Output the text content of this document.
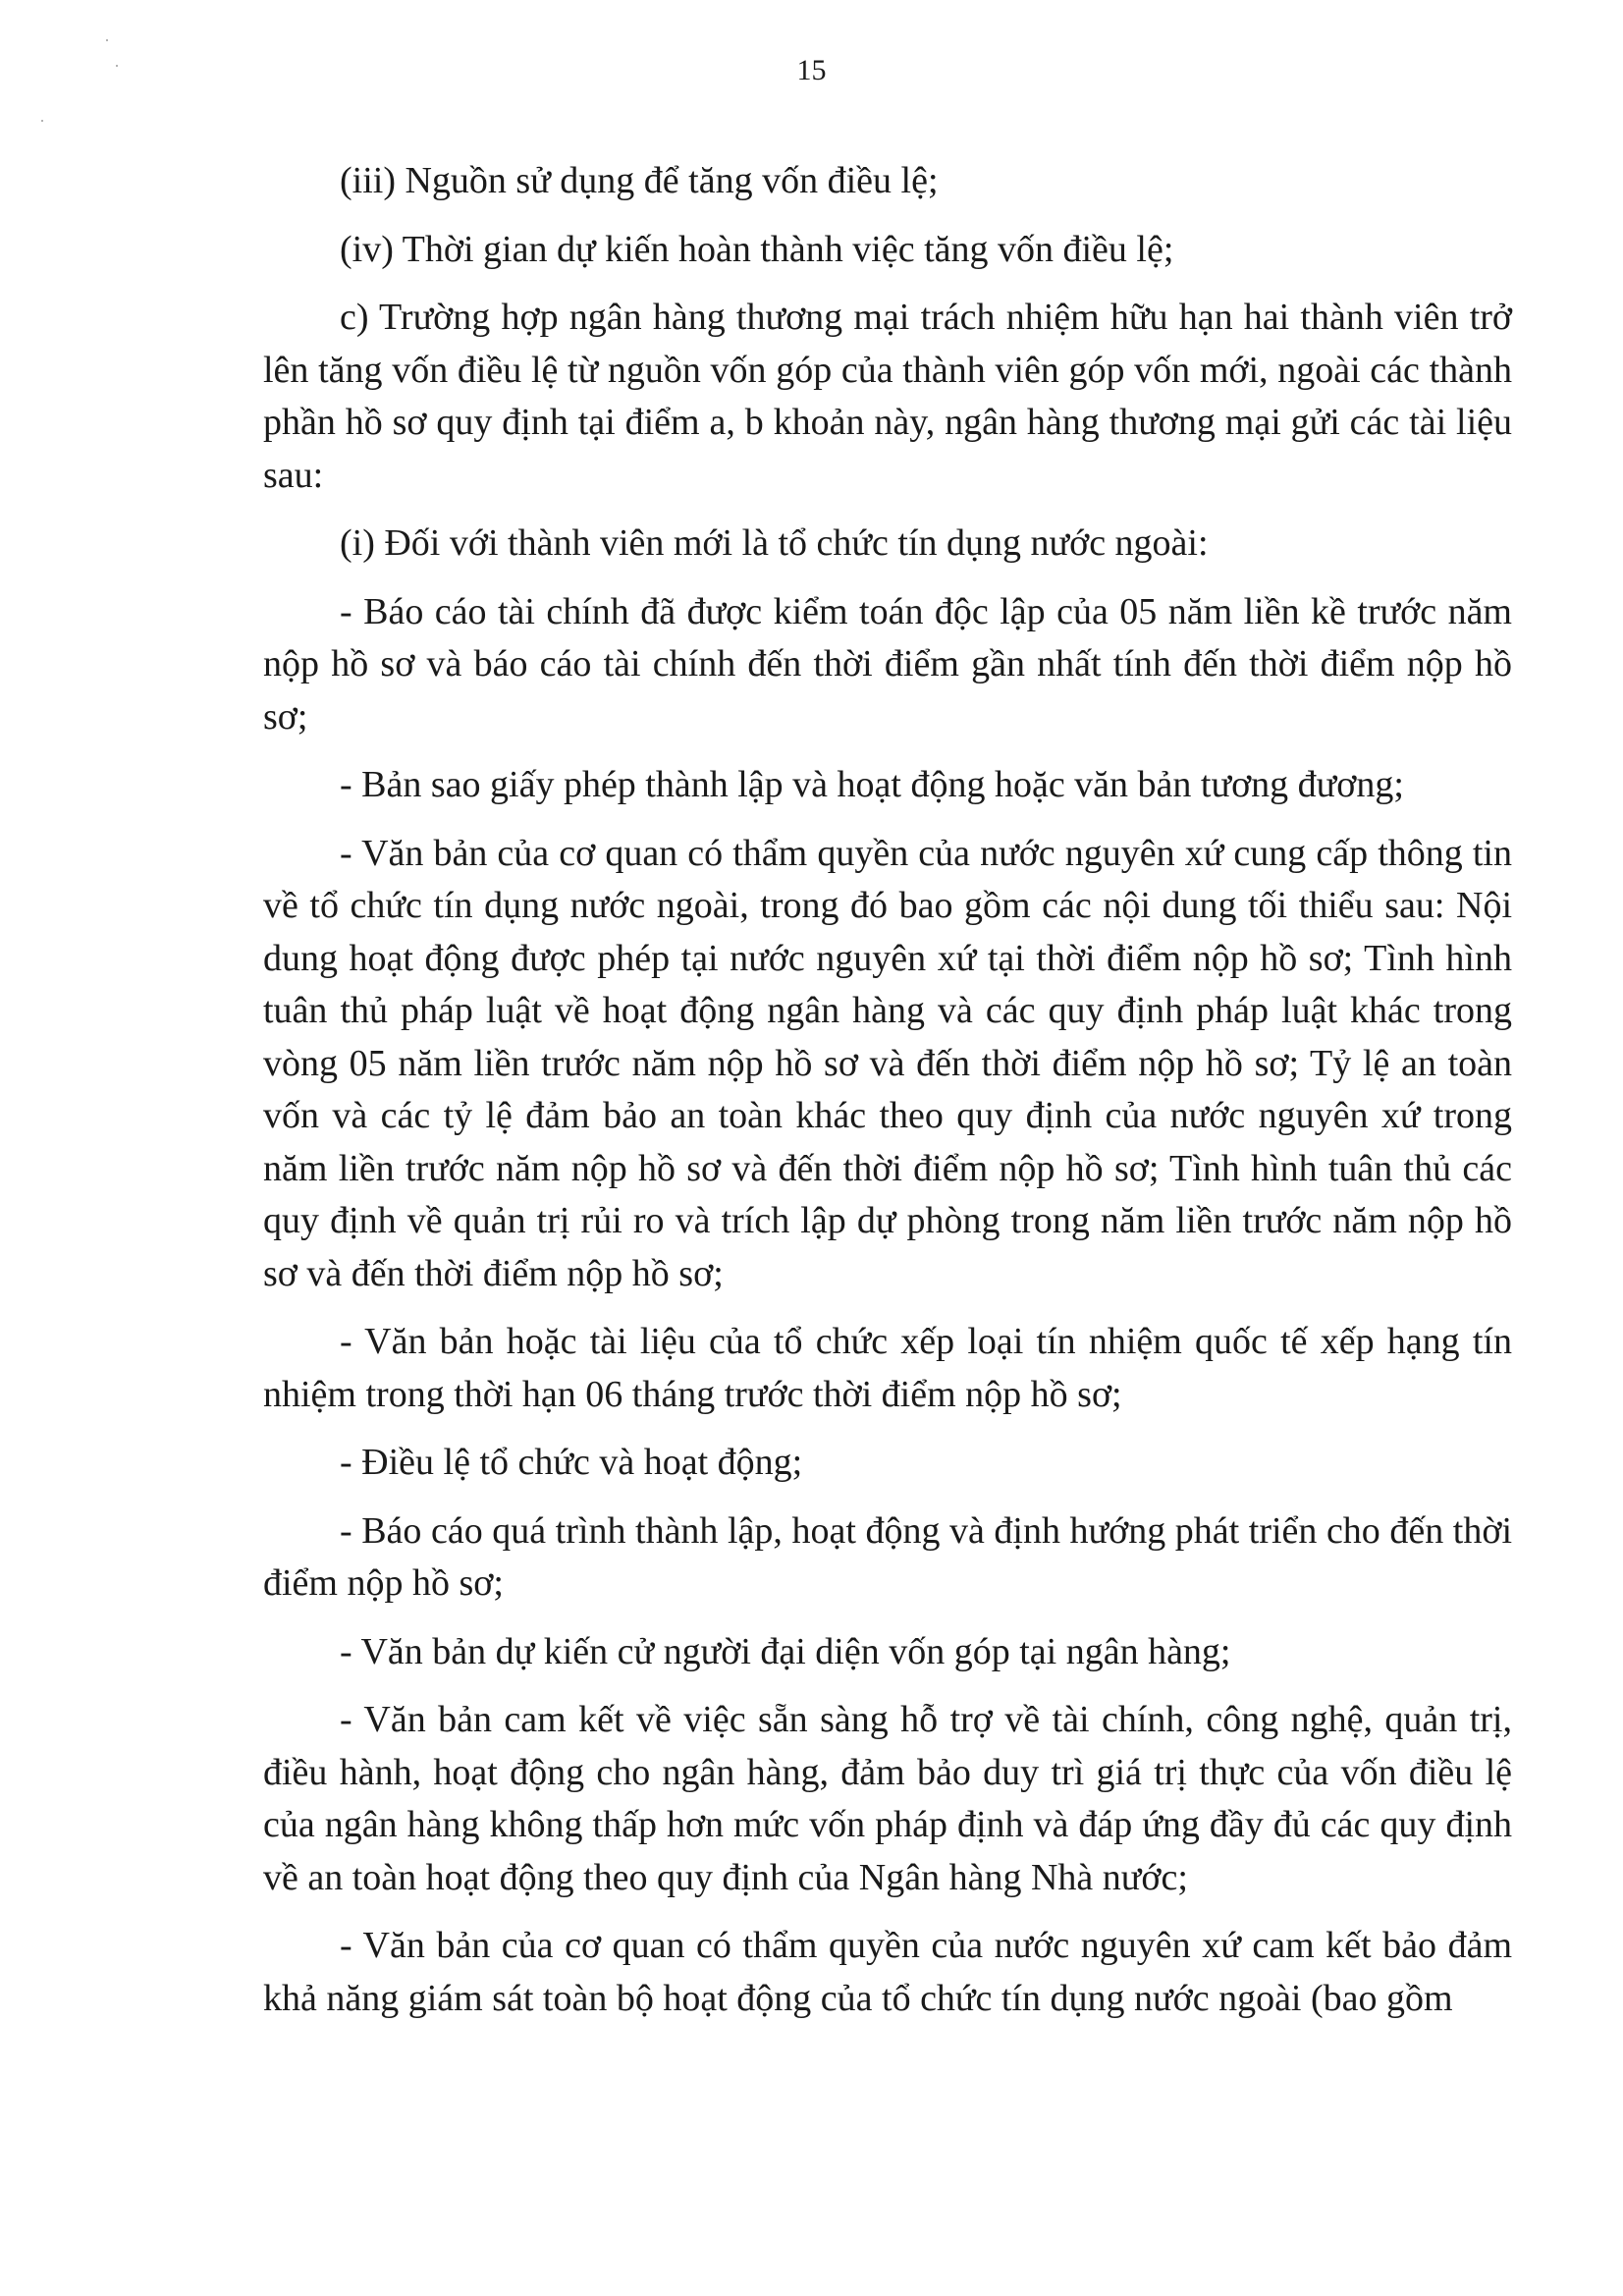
15

(iii) Nguồn sử dụng để tăng vốn điều lệ;

(iv) Thời gian dự kiến hoàn thành việc tăng vốn điều lệ;

c) Trường hợp ngân hàng thương mại trách nhiệm hữu hạn hai thành viên trở lên tăng vốn điều lệ từ nguồn vốn góp của thành viên góp vốn mới, ngoài các thành phần hồ sơ quy định tại điểm a, b khoản này, ngân hàng thương mại gửi các tài liệu sau:

(i) Đối với thành viên mới là tổ chức tín dụng nước ngoài:

- Báo cáo tài chính đã được kiểm toán độc lập của 05 năm liền kề trước năm nộp hồ sơ và báo cáo tài chính đến thời điểm gần nhất tính đến thời điểm nộp hồ sơ;

- Bản sao giấy phép thành lập và hoạt động hoặc văn bản tương đương;

- Văn bản của cơ quan có thẩm quyền của nước nguyên xứ cung cấp thông tin về tổ chức tín dụng nước ngoài, trong đó bao gồm các nội dung tối thiểu sau: Nội dung hoạt động được phép tại nước nguyên xứ tại thời điểm nộp hồ sơ; Tình hình tuân thủ pháp luật về hoạt động ngân hàng và các quy định pháp luật khác trong vòng 05 năm liền trước năm nộp hồ sơ và đến thời điểm nộp hồ sơ; Tỷ lệ an toàn vốn và các tỷ lệ đảm bảo an toàn khác theo quy định của nước nguyên xứ trong năm liền trước năm nộp hồ sơ và đến thời điểm nộp hồ sơ; Tình hình tuân thủ các quy định về quản trị rủi ro và trích lập dự phòng trong năm liền trước năm nộp hồ sơ và đến thời điểm nộp hồ sơ;

- Văn bản hoặc tài liệu của tổ chức xếp loại tín nhiệm quốc tế xếp hạng tín nhiệm trong thời hạn 06 tháng trước thời điểm nộp hồ sơ;

- Điều lệ tổ chức và hoạt động;

- Báo cáo quá trình thành lập, hoạt động và định hướng phát triển cho đến thời điểm nộp hồ sơ;

- Văn bản dự kiến cử người đại diện vốn góp tại ngân hàng;

- Văn bản cam kết về việc sẵn sàng hỗ trợ về tài chính, công nghệ, quản trị, điều hành, hoạt động cho ngân hàng, đảm bảo duy trì giá trị thực của vốn điều lệ của ngân hàng không thấp hơn mức vốn pháp định và đáp ứng đầy đủ các quy định về an toàn hoạt động theo quy định của Ngân hàng Nhà nước;

- Văn bản của cơ quan có thẩm quyền của nước nguyên xứ cam kết bảo đảm khả năng giám sát toàn bộ hoạt động của tổ chức tín dụng nước ngoài (bao gồm
